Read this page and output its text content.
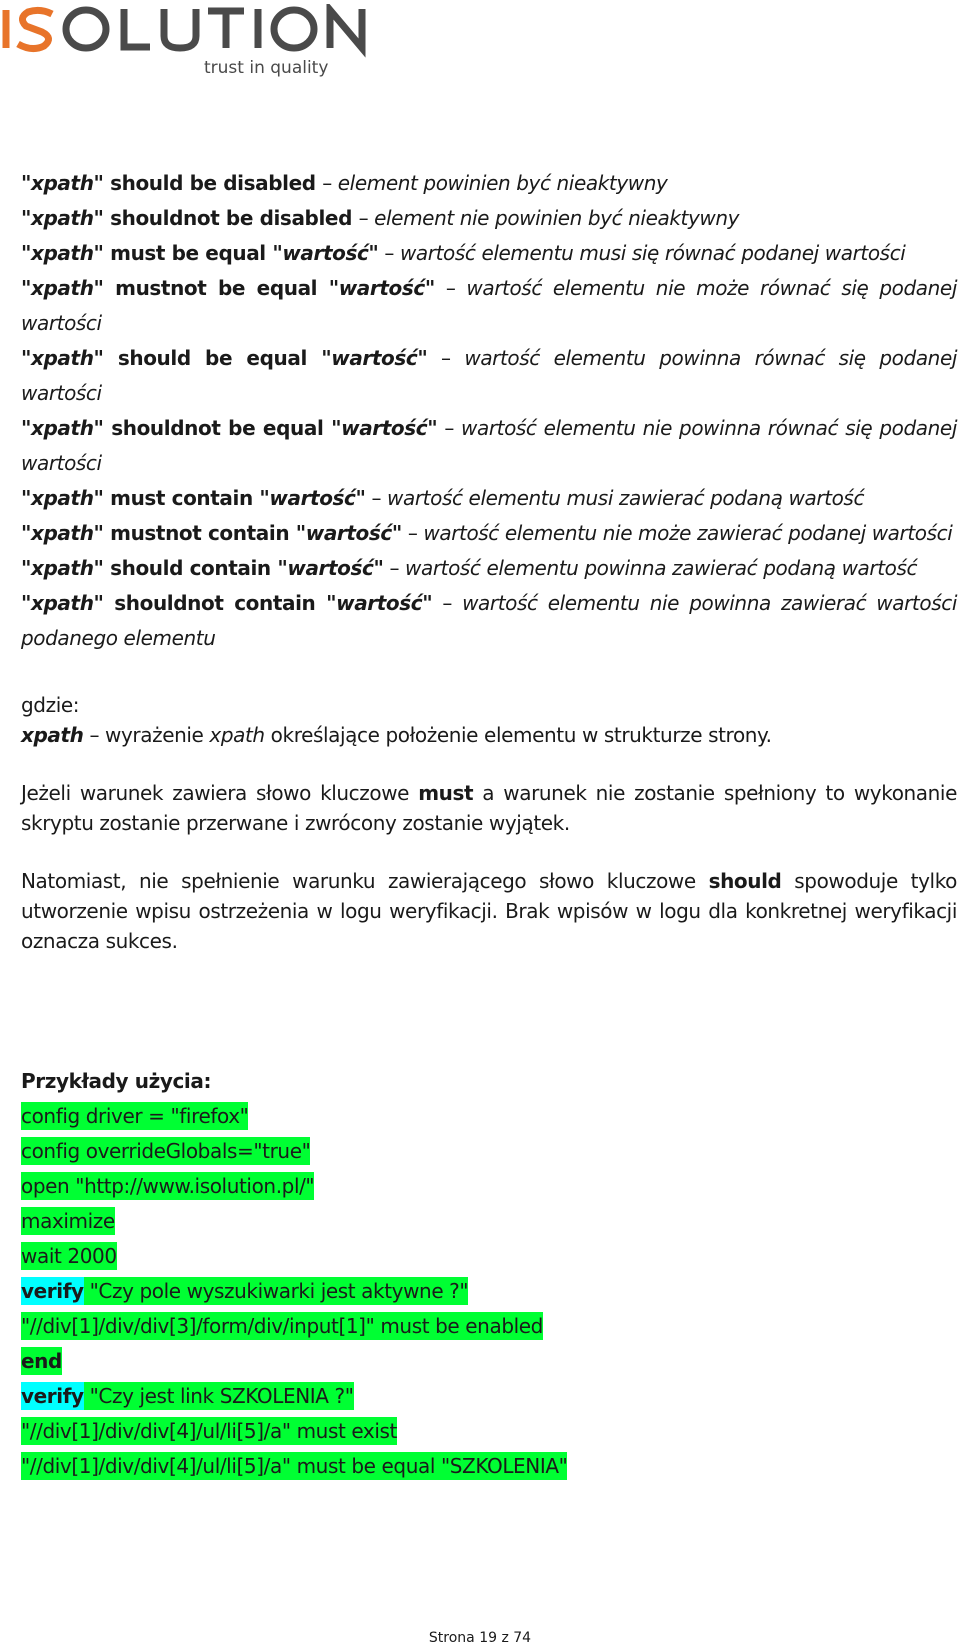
trust in quality
"xpath" should be disabled – element powinien być nieaktywny
"xpath" shouldnot be disabled – element nie powinien być nieaktywny
"xpath" must be equal "wartość" – wartość elementu musi się równać podanej wartości
"xpath" mustnot be equal "wartość" – wartość elementu nie może równać się podanej wartości
"xpath" should be equal "wartość" – wartość elementu powinna równać się podanej wartości
"xpath" shouldnot be equal "wartość" – wartość elementu nie powinna równać się podanej wartości
"xpath" must contain "wartość" – wartość elementu musi zawierać podaną wartość
"xpath" mustnot contain "wartość" – wartość elementu nie może zawierać podanej wartości
"xpath" should contain "wartość" – wartość elementu powinna zawierać podaną wartość
"xpath" shouldnot contain "wartość" – wartość elementu nie powinna zawierać wartości podanego elementu
gdzie:
xpath – wyrażenie xpath określające położenie elementu w strukturze strony.

Jeżeli warunek zawiera słowo kluczowe must a warunek nie zostanie spełniony to wykonanie skryptu zostanie przerwane i zwrócony zostanie wyjątek.

Natomiast, nie spełnienie warunku zawierającego słowo kluczowe should spowoduje tylko utworzenie wpisu ostrzeżenia w logu weryfikacji. Brak wpisów w logu dla konkretnej weryfikacji oznacza sukces.

Przykłady użycia:
config driver = "firefox"
config overrideGlobals="true"
open "http://www.isolution.pl/"
maximize
wait 2000
verify "Czy pole wyszukiwarki jest aktywne ?"
"//div[1]/div/div[3]/form/div/input[1]" must be enabled
end
verify "Czy jest link SZKOLENIA ?"
"//div[1]/div/div[4]/ul/li[5]/a" must exist
"//div[1]/div/div[4]/ul/li[5]/a" must be equal "SZKOLENIA"
Strona 19 z 74
